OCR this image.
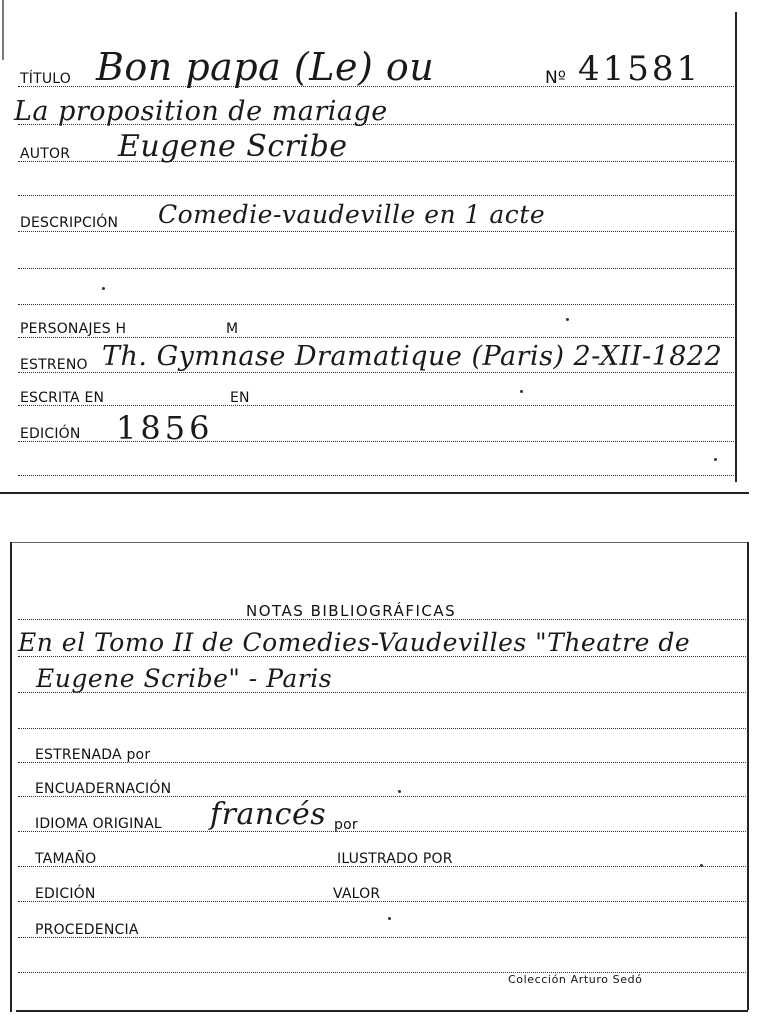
TÍTULO Bon papa (Le) ou	Nº 41581
La proposition de mariage
AUTOR Eugene Scribe
DESCRIPCIÓN Comedie-vaudeville en 1 acte
PERSONAJES H	M
ESTRENO Th. Gymnase Dramatique (Paris) 2-XII-1822
ESCRITA EN	EN
EDICIÓN 1856
NOTAS BIBLIOGRÁFICAS
En el Tomo II de Comedies-Vaudevilles "Theatre de
Eugene Scribe" - Paris
ESTRENADA por
ENCUADERNACIÓN
IDIOMA ORIGINAL francés por
TAMAÑO	ILUSTRADO POR
EDICIÓN	VALOR
PROCEDENCIA
Colección Arturo Sedó
